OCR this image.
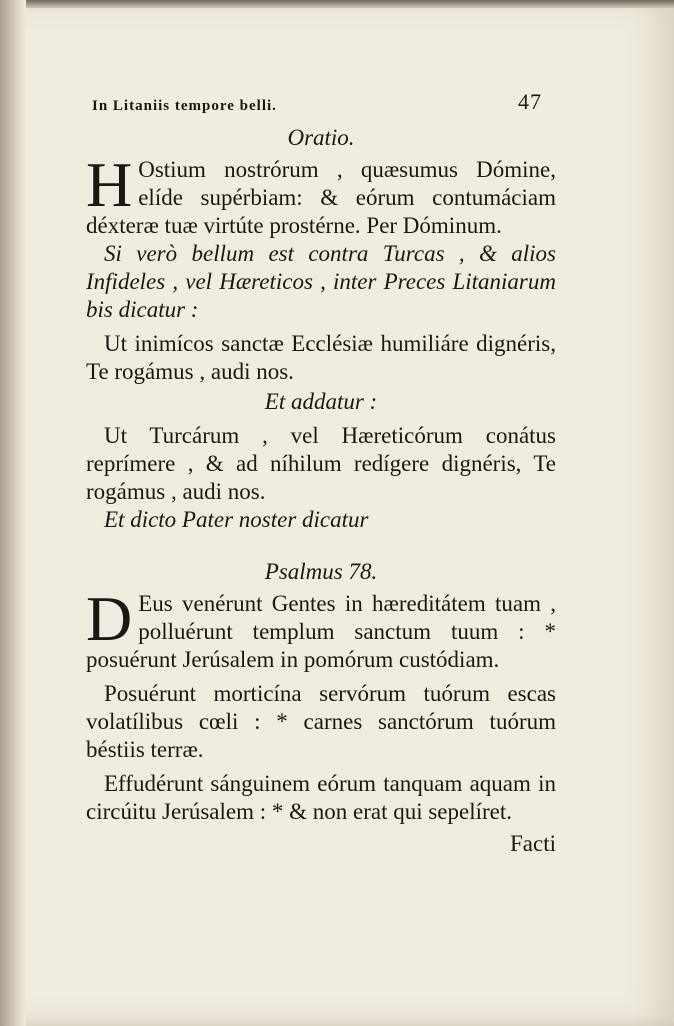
In Litaniis tempore belli.	47
Oratio.

H Ostium nostrórum , quæsumus Dómine, elíde supérbiam: & eórum contumáciam déxteræ tuæ virtúte prostérne. Per Dóminum.

Si verò bellum est contra Turcas , & alios Infideles , vel Hæreticos , inter Preces Litaniarum bis dicatur :

Ut inimícos sanctæ Ecclésiæ humiliáre dignéris, Te rogámus , audi nos.

Et addatur :

Ut Turcárum , vel Hæreticórum conátus reprímere , & ad níhilum redígere dignéris, Te rogámus , audi nos.

Et dicto Pater noster dicatur

Psalmus 78.

D Eus venérunt Gentes in hæreditátem tuam , polluérunt templum sanctum tuum : * posuérunt Jerúsalem in pomórum custódiam.

Posuérunt morticína servórum tuórum escas volatílibus cœli : * carnes sanctórum tuórum béstiis terræ.

Effudérunt sánguinem eórum tanquam aquam in circúitu Jerúsalem : * & non erat qui sepelíret.

Facti
